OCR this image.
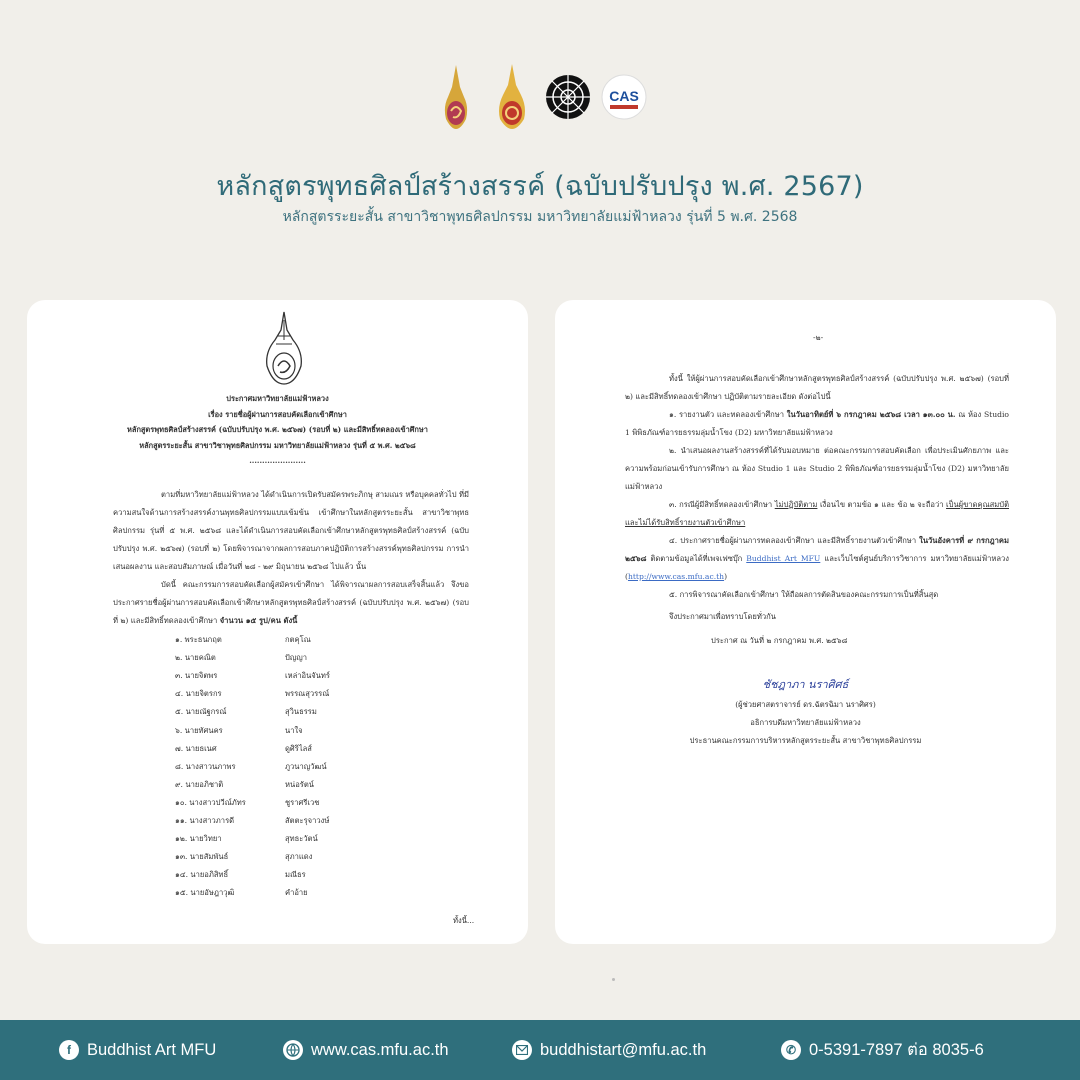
CAS
หลักสูตรพุทธศิลป์สร้างสรรค์ (ฉบับปรับปรุง พ.ศ. 2567)
หลักสูตรระยะสั้น สาขาวิชาพุทธศิลปกรรม มหาวิทยาลัยแม่ฟ้าหลวง รุ่นที่ 5 พ.ศ. 2568
ประกาศมหาวิทยาลัยแม่ฟ้าหลวง
เรื่อง รายชื่อผู้ผ่านการสอบคัดเลือกเข้าศึกษา
หลักสูตรพุทธศิลป์สร้างสรรค์ (ฉบับปรับปรุง พ.ศ. ๒๕๖๗) (รอบที่ ๒) และมีสิทธิ์ทดลองเข้าศึกษา
หลักสูตรระยะสั้น สาขาวิชาพุทธศิลปกรรม มหาวิทยาลัยแม่ฟ้าหลวง รุ่นที่ ๕ พ.ศ. ๒๕๖๘
......................
ตามที่มหาวิทยาลัยแม่ฟ้าหลวง ได้ดำเนินการเปิดรับสมัครพระภิกษุ สามเณร หรือบุคคลทั่วไป ที่มีความสนใจด้านการสร้างสรรค์งานพุทธศิลปกรรมแบบเข้มข้น เข้าศึกษาในหลักสูตรระยะสั้น สาขาวิชาพุทธศิลปกรรม รุ่นที่ ๕ พ.ศ. ๒๕๖๘ และได้ดำเนินการสอบคัดเลือกเข้าศึกษาหลักสูตรพุทธศิลป์สร้างสรรค์ (ฉบับปรับปรุง พ.ศ. ๒๕๖๗) (รอบที่ ๒) โดยพิจารณาจากผลการสอบภาคปฏิบัติการสร้างสรรค์พุทธศิลปกรรม การนำเสนอผลงาน และสอบสัมภาษณ์ เมื่อวันที่ ๒๘ - ๒๙ มิถุนายน ๒๕๖๘ ไปแล้ว นั้น
บัดนี้ คณะกรรมการสอบคัดเลือกผู้สมัครเข้าศึกษา ได้พิจารณาผลการสอบเสร็จสิ้นแล้ว จึงขอประกาศรายชื่อผู้ผ่านการสอบคัดเลือกเข้าศึกษาหลักสูตรพุทธศิลป์สร้างสรรค์ (ฉบับปรับปรุง พ.ศ. ๒๕๖๗) (รอบที่ ๒) และมีสิทธิ์ทดลองเข้าศึกษา จำนวน ๑๕ รูป/คน ดังนี้
๑. พระธนกฤต	กตคุโณ
๒. นายคณิต	ปัญญา
๓. นายจิตพร	เหล่าอินจันทร์
๔. นายจิตรกร	พรรณสุวรรณ์
๕. นายณัฐกรณ์	สุวินธรรม
๖. นายทัศนคร	นาใจ
๗. นายธเนศ	ดูศิริไลส์
๘. นางสาวนภาพร	ภูวนาญวัฒน์
๙. นายอภิชาติ	หน่อรัตน์
๑๐. นางสาวปวีณ์ภัทร	ชูราศรีเวช
๑๑. นางสาวภารดี	สัตตะรุจาวงษ์
๑๒. นายวิทยา	สุทธะวัตน์
๑๓. นายสัมพันธ์	สุภาแดง
๑๔. นายอภิสิทธิ์	มณีธร
๑๕. นายอัษฎาวุฒิ	คำอ้าย
ทั้งนี้...
-๒-
ทั้งนี้ ให้ผู้ผ่านการสอบคัดเลือกเข้าศึกษาหลักสูตรพุทธศิลป์สร้างสรรค์ (ฉบับปรับปรุง พ.ศ. ๒๕๖๗) (รอบที่ ๒) และมีสิทธิ์ทดลองเข้าศึกษา ปฏิบัติตามรายละเอียด ดังต่อไปนี้
๑. รายงานตัว และทดลองเข้าศึกษา ในวันอาทิตย์ที่ ๖ กรกฎาคม ๒๕๖๘ เวลา ๑๓.๐๐ น. ณ ห้อง Studio 1 พิพิธภัณฑ์อารยธรรมลุ่มน้ำโขง (D2) มหาวิทยาลัยแม่ฟ้าหลวง
๒. นำเสนอผลงานสร้างสรรค์ที่ได้รับมอบหมาย ต่อคณะกรรมการสอบคัดเลือก เพื่อประเมินศักยภาพ และความพร้อมก่อนเข้ารับการศึกษา ณ ห้อง Studio 1 และ Studio 2 พิพิธภัณฑ์อารยธรรมลุ่มน้ำโขง (D2) มหาวิทยาลัยแม่ฟ้าหลวง
๓. กรณีผู้มีสิทธิ์ทดลองเข้าศึกษา ไม่ปฏิบัติตาม เงื่อนไข ตามข้อ ๑ และ ข้อ ๒ จะถือว่า เป็นผู้ขาดคุณสมบัติ และไม่ได้รับสิทธิ์รายงานตัวเข้าศึกษา
๔. ประกาศรายชื่อผู้ผ่านการทดลองเข้าศึกษา และมีสิทธิ์รายงานตัวเข้าศึกษา ในวันอังคารที่ ๙ กรกฎาคม ๒๕๖๘ ติดตามข้อมูลได้ที่เพจเฟซบุ๊ก Buddhist Art MFU และเว็บไซต์ศูนย์บริการวิชาการ มหาวิทยาลัยแม่ฟ้าหลวง (http://www.cas.mfu.ac.th)
๕. การพิจารณาคัดเลือกเข้าศึกษา ให้ถือผลการตัดสินของคณะกรรมการเป็นที่สิ้นสุด
จึงประกาศมาเพื่อทราบโดยทั่วกัน
ประกาศ ณ วันที่ ๒ กรกฎาคม พ.ศ. ๒๕๖๘
ชัชฎาภา นราศิศธ์
(ผู้ช่วยศาสตราจารย์ ดร.ฉัตรฉิมา นราศิศร)
อธิการบดีมหาวิทยาลัยแม่ฟ้าหลวง
ประธานคณะกรรมการบริหารหลักสูตรระยะสั้น สาขาวิชาพุทธศิลปกรรม
f Buddhist Art MFU	www.cas.mfu.ac.th	buddhistart@mfu.ac.th	✆ 0-5391-7897 ต่อ 8035-6
